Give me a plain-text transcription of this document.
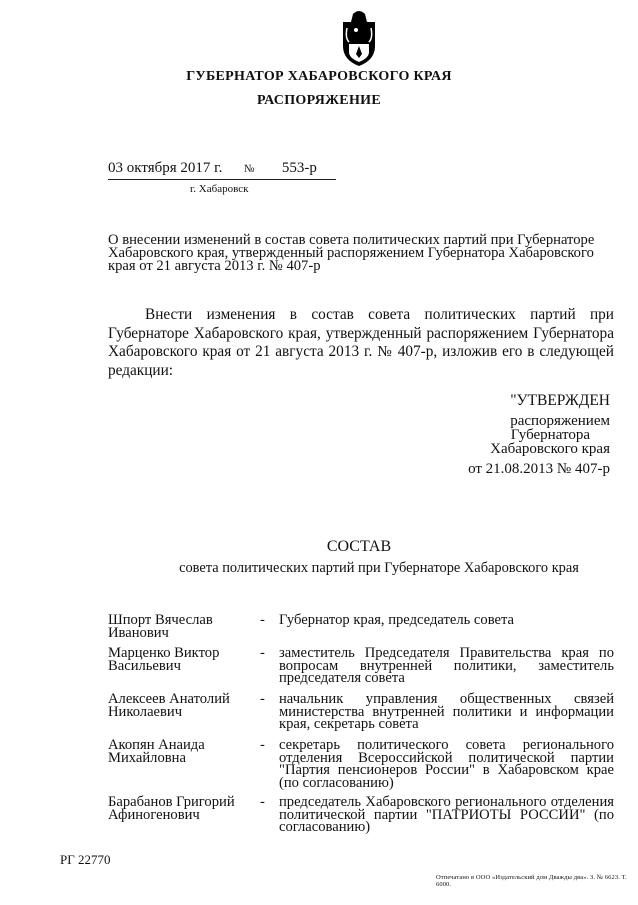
ГУБЕРНАТОР ХАБАРОВСКОГО КРАЯ
РАСПОРЯЖЕНИЕ
03 октября 2017 г. № 553-р
г. Хабаровск
О внесении изменений в состав совета политических партий при Губернаторе Хабаровского края, утвержденный распоряжением Губернатора Хабаровского края от 21 августа 2013 г. № 407-р
Внести изменения в состав совета политических партий при Губернаторе Хабаровского края, утвержденный распоряжением Губернатора Хабаровского края от 21 августа 2013 г. № 407-р, изложив его в следующей редакции:
"УТВЕРЖДЕН
распоряжением
Губернатора
Хабаровского края
от 21.08.2013 № 407-р
СОСТАВ
совета политических партий при Губернаторе Хабаровского края
Шпорт Вячеслав
Иванович
- Губернатор края, председатель совета
Марценко Виктор
Васильевич
- заместитель Председателя Правительства края по вопросам внутренней политики, заместитель председателя совета
Алексеев Анатолий
Николаевич
- начальник управления общественных связей министерства внутренней политики и информации края, секретарь совета
Акопян Анаида
Михайловна
- секретарь политического совета регионального отделения Всероссийской политической партии "Партия пенсионеров России" в Хабаровском крае (по согласованию)
Барабанов Григорий
Афиногенович
- председатель Хабаровского регионального отделения политической партии "ПАТРИОТЫ РОССИИ" (по согласованию)
РГ 22770
Отпечатано в ООО «Издательский дом Дважды два». З. № 6623. Т. 6000.
